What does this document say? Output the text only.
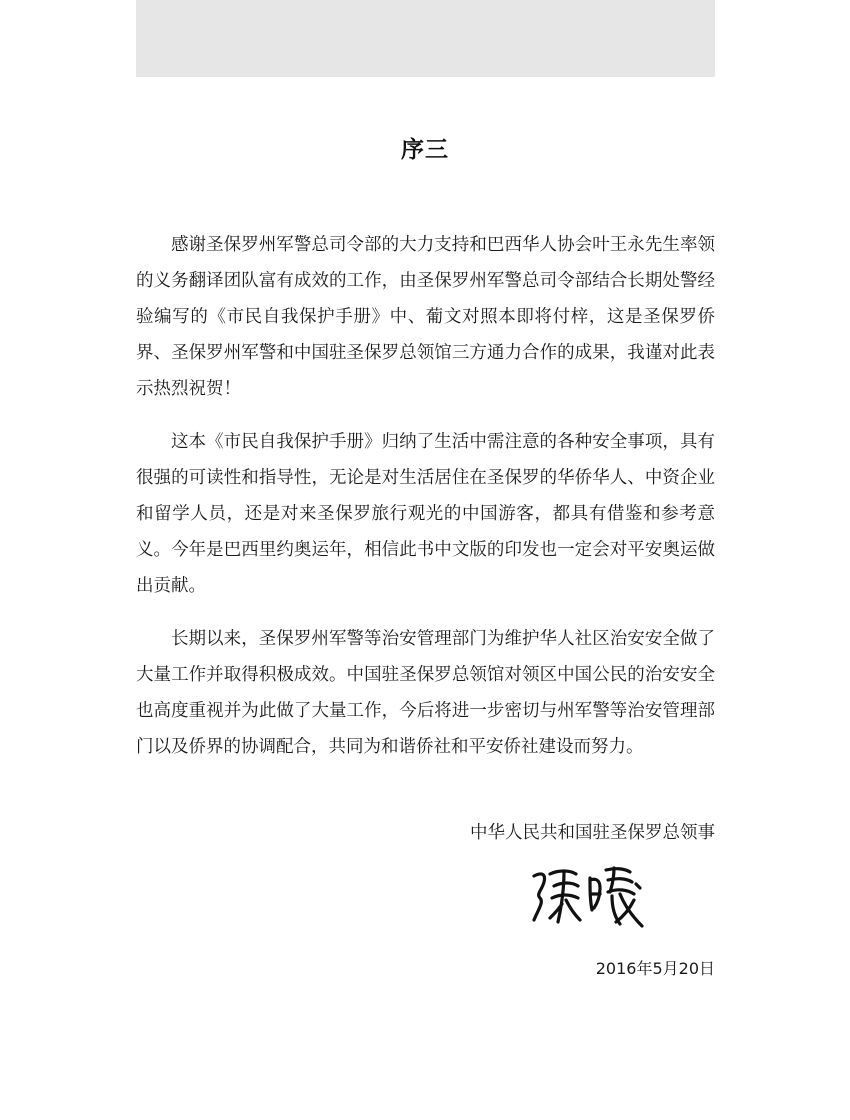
序三

感谢圣保罗州军警总司令部的大力支持和巴西华人协会叶王永先生率领的义务翻译团队富有成效的工作，由圣保罗州军警总司令部结合长期处警经验编写的《市民自我保护手册》中、葡文对照本即将付梓，这是圣保罗侨界、圣保罗州军警和中国驻圣保罗总领馆三方通力合作的成果，我谨对此表示热烈祝贺！

这本《市民自我保护手册》归纳了生活中需注意的各种安全事项，具有很强的可读性和指导性，无论是对生活居住在圣保罗的华侨华人、中资企业和留学人员，还是对来圣保罗旅行观光的中国游客，都具有借鉴和参考意义。今年是巴西里约奥运年，相信此书中文版的印发也一定会对平安奥运做出贡献。

长期以来，圣保罗州军警等治安管理部门为维护华人社区治安安全做了大量工作并取得积极成效。中国驻圣保罗总领馆对领区中国公民的治安安全也高度重视并为此做了大量工作，今后将进一步密切与州军警等治安管理部门以及侨界的协调配合，共同为和谐侨社和平安侨社建设而努力。

中华人民共和国驻圣保罗总领事
2016年5月20日
